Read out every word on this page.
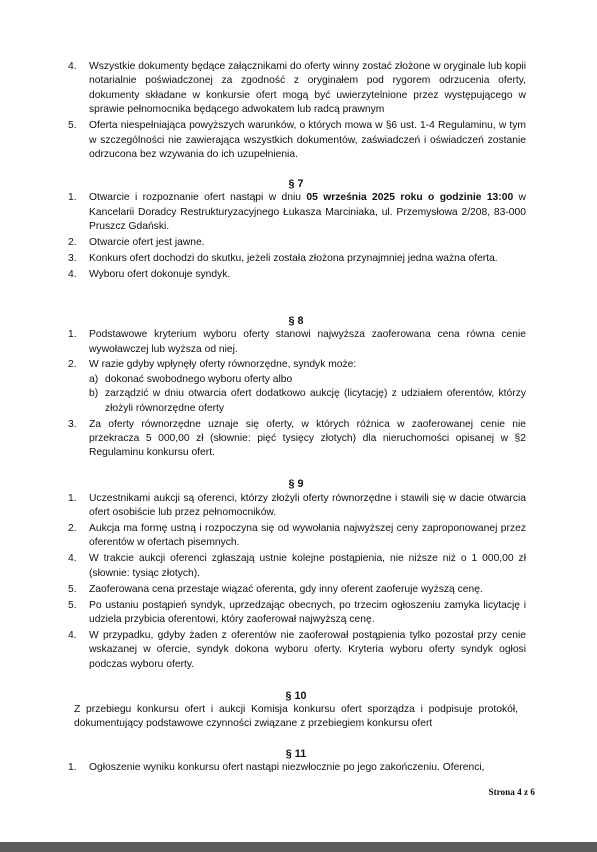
4. Wszystkie dokumenty będące załącznikami do oferty winny zostać złożone w oryginale lub kopii notarialnie poświadczonej za zgodność z oryginałem pod rygorem odrzucenia oferty, dokumenty składane w konkursie ofert mogą być uwierzytelnione przez występującego w sprawie pełnomocnika będącego adwokatem lub radcą prawnym
5. Oferta niespełniająca powyższych warunków, o których mowa w §6 ust. 1-4 Regulaminu, w tym w szczególności nie zawierająca wszystkich dokumentów, zaświadczeń i oświadczeń zostanie odrzucona bez wzywania do ich uzupełnienia.

§ 7

1. Otwarcie i rozpoznanie ofert nastąpi w dniu 05 września 2025 roku o godzinie 13:00 w Kancelarii Doradcy Restrukturyzacyjnego Łukasza Marciniaka, ul. Przemysłowa 2/208, 83-000 Pruszcz Gdański.
2. Otwarcie ofert jest jawne.
3. Konkurs ofert dochodzi do skutku, jeżeli została złożona przynajmniej jedna ważna oferta.
4. Wyboru ofert dokonuje syndyk.

§ 8

1. Podstawowe kryterium wyboru oferty stanowi najwyższa zaoferowana cena równa cenie wywoławczej lub wyższa od niej.
2. W razie gdyby wpłynęły oferty równorzędne, syndyk może:
a) dokonać swobodnego wyboru oferty albo
b) zarządzić w dniu otwarcia ofert dodatkowo aukcję (licytację) z udziałem oferentów, którzy złożyli równorzędne oferty
3. Za oferty równorzędne uznaje się oferty, w których różnica w zaoferowanej cenie nie przekracza 5 000,00 zł (słownie: pięć tysięcy złotych) dla nieruchomości opisanej w §2 Regulaminu konkursu ofert.

§ 9

1. Uczestnikami aukcji są oferenci, którzy złożyli oferty równorzędne i stawili się w dacie otwarcia ofert osobiście lub przez pełnomocników.
2. Aukcja ma formę ustną i rozpoczyna się od wywołania najwyższej ceny zaproponowanej przez oferentów w ofertach pisemnych.
4. W trakcie aukcji oferenci zgłaszają ustnie kolejne postąpienia, nie niższe niż o 1 000,00 zł (słownie: tysiąc złotych).
5. Zaoferowana cena przestaje wiązać oferenta, gdy inny oferent zaoferuje wyższą cenę.
5. Po ustaniu postąpień syndyk, uprzedzając obecnych, po trzecim ogłoszeniu zamyka licytację i udziela przybicia oferentowi, który zaoferował najwyższą cenę.
4. W przypadku, gdyby żaden z oferentów nie zaoferował postąpienia tylko pozostał przy cenie wskazanej w ofercie, syndyk dokona wyboru oferty. Kryteria wyboru oferty syndyk ogłosi podczas wyboru oferty.

§ 10

Z przebiegu konkursu ofert i aukcji Komisja konkursu ofert sporządza i podpisuje protokół, dokumentujący podstawowe czynności związane z przebiegiem konkursu ofert

§ 11

1. Ogłoszenie wyniku konkursu ofert nastąpi niezwłocznie po jego zakończeniu. Oferenci,
Strona 4 z 6
